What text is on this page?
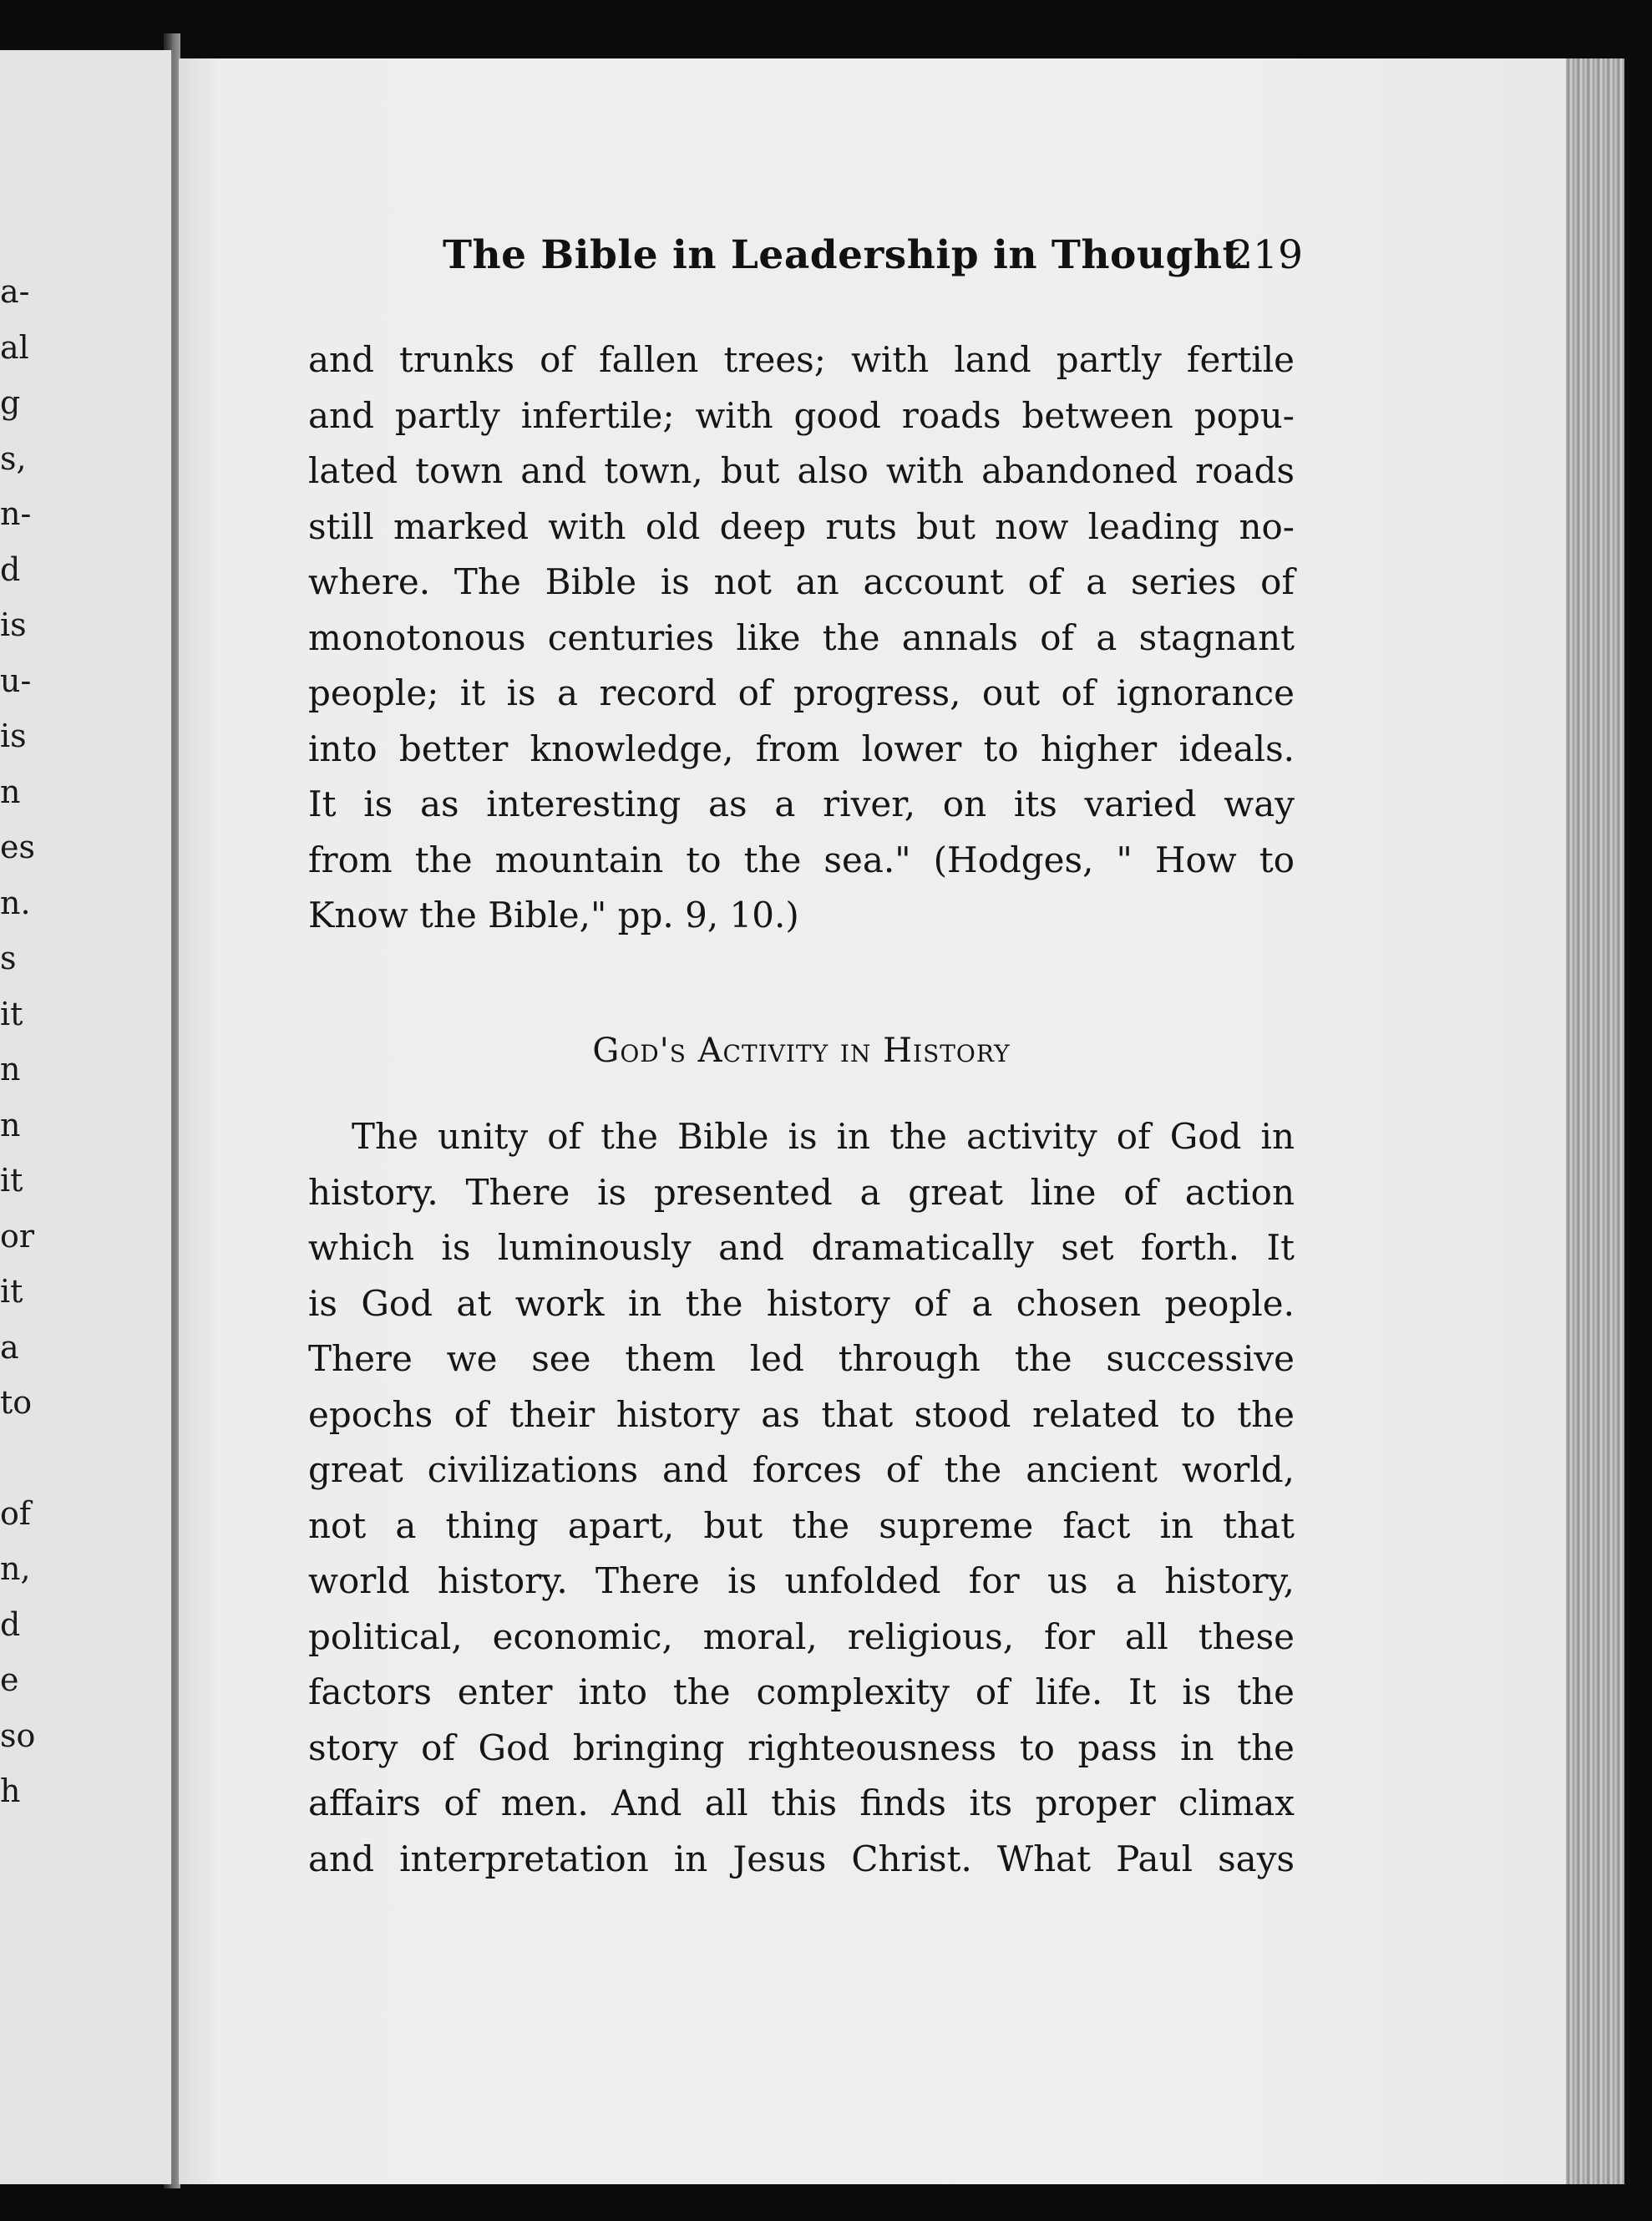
a-
al
g
s,
n-
d
is
u-
is
n
es
n.
s
it
n
n
it
or
it
a
to
of
n,
d
e
so
h
The Bible in Leadership in Thought
219
and trunks of fallen trees; with land partly fertile
and partly infertile; with good roads between popu-
lated town and town, but also with abandoned roads
still marked with old deep ruts but now leading no-
where. The Bible is not an account of a series of
monotonous centuries like the annals of a stagnant
people; it is a record of progress, out of ignorance
into better knowledge, from lower to higher ideals.
It is as interesting as a river, on its varied way
from the mountain to the sea." (Hodges, " How to
Know the Bible," pp. 9, 10.)
God's Activity in History
The unity of the Bible is in the activity of God in
history. There is presented a great line of action
which is luminously and dramatically set forth. It
is God at work in the history of a chosen people.
There we see them led through the successive
epochs of their history as that stood related to the
great civilizations and forces of the ancient world,
not a thing apart, but the supreme fact in that
world history. There is unfolded for us a history,
political, economic, moral, religious, for all these
factors enter into the complexity of life. It is the
story of God bringing righteousness to pass in the
affairs of men. And all this finds its proper climax
and interpretation in Jesus Christ. What Paul says
